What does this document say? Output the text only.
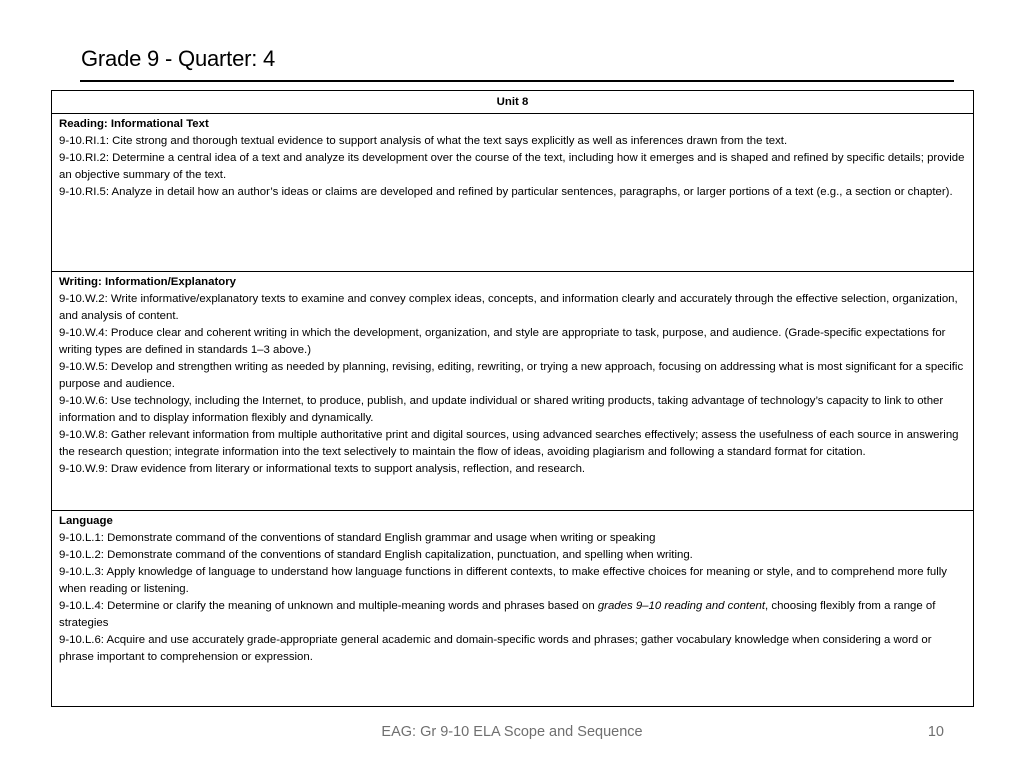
Grade 9 - Quarter: 4
Unit 8
Reading: Informational Text
9-10.RI.1: Cite strong and thorough textual evidence to support analysis of what the text says explicitly as well as inferences drawn from the text.
9-10.RI.2: Determine a central idea of a text and analyze its development over the course of the text, including how it emerges and is shaped and refined by specific details; provide an objective summary of the text.
9-10.RI.5: Analyze in detail how an author’s ideas or claims are developed and refined by particular sentences, paragraphs, or larger portions of a text (e.g., a section or chapter).
Writing: Information/Explanatory
9-10.W.2: Write informative/explanatory texts to examine and convey complex ideas, concepts, and information clearly and accurately through the effective selection, organization, and analysis of content.
9-10.W.4: Produce clear and coherent writing in which the development, organization, and style are appropriate to task, purpose, and audience. (Grade-specific expectations for writing types are defined in standards 1–3 above.)
9-10.W.5: Develop and strengthen writing as needed by planning, revising, editing, rewriting, or trying a new approach, focusing on addressing what is most significant for a specific purpose and audience.
9-10.W.6: Use technology, including the Internet, to produce, publish, and update individual or shared writing products, taking advantage of technology’s capacity to link to other information and to display information flexibly and dynamically.
9-10.W.8: Gather relevant information from multiple authoritative print and digital sources, using advanced searches effectively; assess the usefulness of each source in answering the research question; integrate information into the text selectively to maintain the flow of ideas, avoiding plagiarism and following a standard format for citation.
9-10.W.9: Draw evidence from literary or informational texts to support analysis, reflection, and research.
Language
9-10.L.1: Demonstrate command of the conventions of standard English grammar and usage when writing or speaking
9-10.L.2: Demonstrate command of the conventions of standard English capitalization, punctuation, and spelling when writing.
9-10.L.3: Apply knowledge of language to understand how language functions in different contexts, to make effective choices for meaning or style, and to comprehend more fully when reading or listening.
9-10.L.4: Determine or clarify the meaning of unknown and multiple-meaning words and phrases based on grades 9–10 reading and content, choosing flexibly from a range of strategies
9-10.L.6: Acquire and use accurately grade-appropriate general academic and domain-specific words and phrases; gather vocabulary knowledge when considering a word or phrase important to comprehension or expression.
EAG: Gr 9-10 ELA Scope and Sequence	10
